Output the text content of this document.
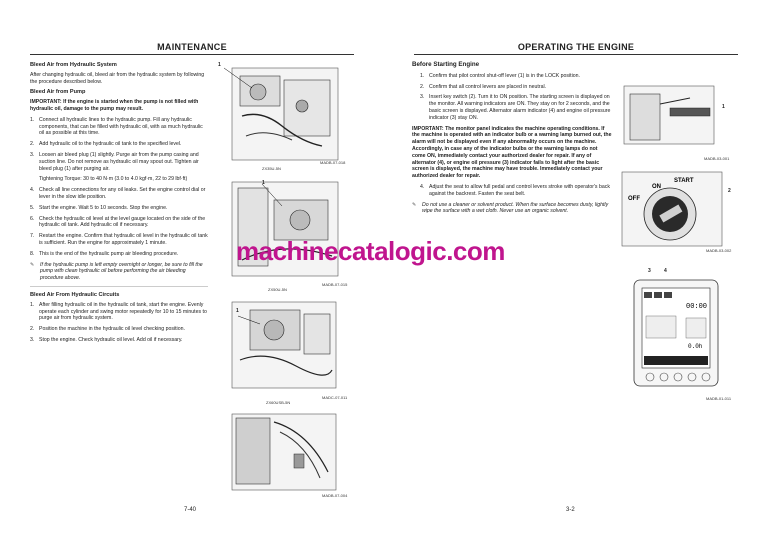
MAINTENANCE
Bleed Air from Hydraulic System
After changing hydraulic oil, bleed air from the hydraulic system by following the procedure described below.
Bleed Air from Pump
IMPORTANT: If the engine is started when the pump is not filled with hydraulic oil, damage to the pump may result.
1. Connect all hydraulic lines to the hydraulic pump. Fill any hydraulic components, that can be filled with hydraulic oil, with as much hydraulic oil as possible at this time.
2. Add hydraulic oil to the hydraulic oil tank to the specified level.
3. Loosen air bleed plug (1) slightly. Purge air from the pump casing and suction line. Do not remove as hydraulic oil may spout out. Tighten air bleed plug (1) after purging air.
Tightening Torque: 30 to 40 N·m (3.0 to 4.0 kgf·m, 22 to 29 lbf·ft)
4. Check all line connections for any oil leaks. Set the engine control dial or lever in the slow idle position.
5. Start the engine. Wait 5 to 10 seconds. Stop the engine.
6. Check the hydraulic oil level at the level gauge located on the side of the hydraulic oil tank. Add hydraulic oil if necessary.
7. Restart the engine. Confirm that hydraulic oil level in the hydraulic oil tank is sufficient. Run the engine for approximately 1 minute.
8. This is the end of the hydraulic pump air bleeding procedure.
✎	If the hydraulic pump is left empty overnight or longer, be sure to fill the pump with clean hydraulic oil before performing the air bleeding procedure above.
Bleed Air From Hydraulic Circuits
1. After filling hydraulic oil in the hydraulic oil tank, start the engine. Evenly operate each cylinder and swing motor repeatedly for 10 to 15 minutes to purge air from hydraulic system.
2. Position the machine in the hydraulic oil level checking position.
3. Stop the engine. Check hydraulic oil level. Add oil if necessary.
1
ZX35U-5N
MADB-07-018
1
ZX50U-5N
MADB-07-015
1
ZX60USB-5N
MADC-07-011
MADB-07-004
7-40
OPERATING THE ENGINE
Before Starting Engine
1. Confirm that pilot control shut-off lever (1) is in the LOCK position.
2. Confirm that all control levers are placed in neutral.
3. Insert key switch (2). Turn it to ON position. The starting screen is displayed on the monitor. All warning indicators are ON. They stay on for 2 seconds, and the basic screen is displayed. Alternator alarm indicator (4) and engine oil pressure indicator (3) stay ON.
IMPORTANT: The monitor panel indicates the machine operating conditions. If the machine is operated with an indicator bulb or a warning lamp burned out, the alarm will not be displayed even if any abnormality occurs on the machine. Accordingly, in case any of the indicator bulbs or the warning lamps do not come ON, immediately contact your authorized dealer for repair. If any of alternator (4), or engine oil pressure (3) indicator fails to light after the basic screen is displayed, the machine may have trouble. Immediately contact your authorized dealer for repair.
4. Adjust the seat to allow full pedal and control levers stroke with operator's back against the backrest. Fasten the seat belt.
✎	Do not use a cleaner or solvent product. When the surface becomes dusty, lightly wipe the surface with a wet cloth. Never use an organic solvent.
1
MADB-03-001
OFF
ON
START
2
MADB-03-002
3	4
00:00
0.0h
MADB-01-011
3-2
machinecatalogic.com
